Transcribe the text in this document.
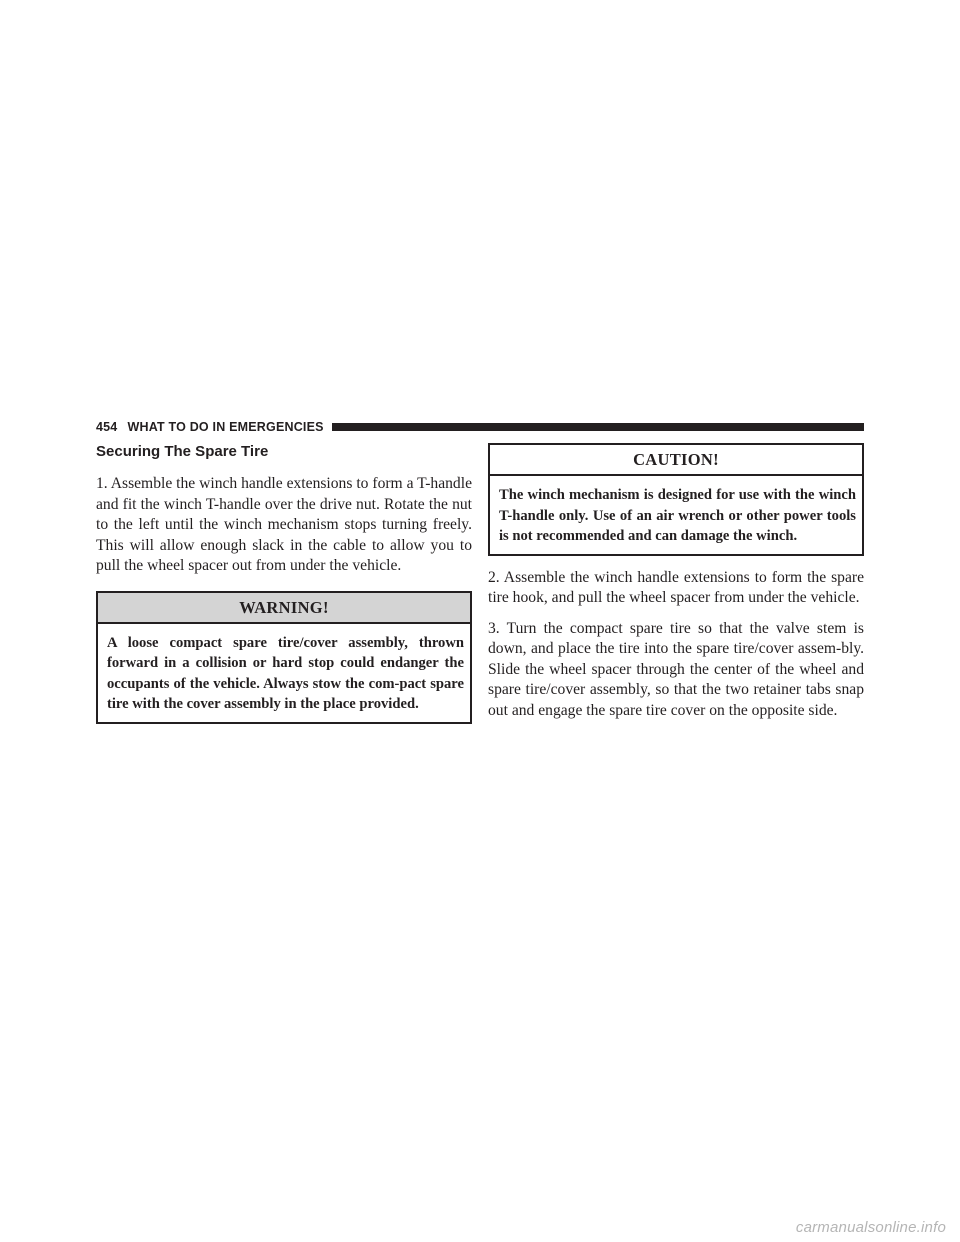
454 WHAT TO DO IN EMERGENCIES
Securing The Spare Tire

1. Assemble the winch handle extensions to form a T-handle and fit the winch T-handle over the drive nut. Rotate the nut to the left until the winch mechanism stops turning freely. This will allow enough slack in the cable to allow you to pull the wheel spacer out from under the vehicle.

WARNING!
A loose compact spare tire/cover assembly, thrown forward in a collision or hard stop could endanger the occupants of the vehicle. Always stow the com-pact spare tire with the cover assembly in the place provided.
CAUTION!
The winch mechanism is designed for use with the winch T-handle only. Use of an air wrench or other power tools is not recommended and can damage the winch.

2. Assemble the winch handle extensions to form the spare tire hook, and pull the wheel spacer from under the vehicle.

3. Turn the compact spare tire so that the valve stem is down, and place the tire into the spare tire/cover assem-bly. Slide the wheel spacer through the center of the wheel and spare tire/cover assembly, so that the two retainer tabs snap out and engage the spare tire cover on the opposite side.

carmanualsonline.info
